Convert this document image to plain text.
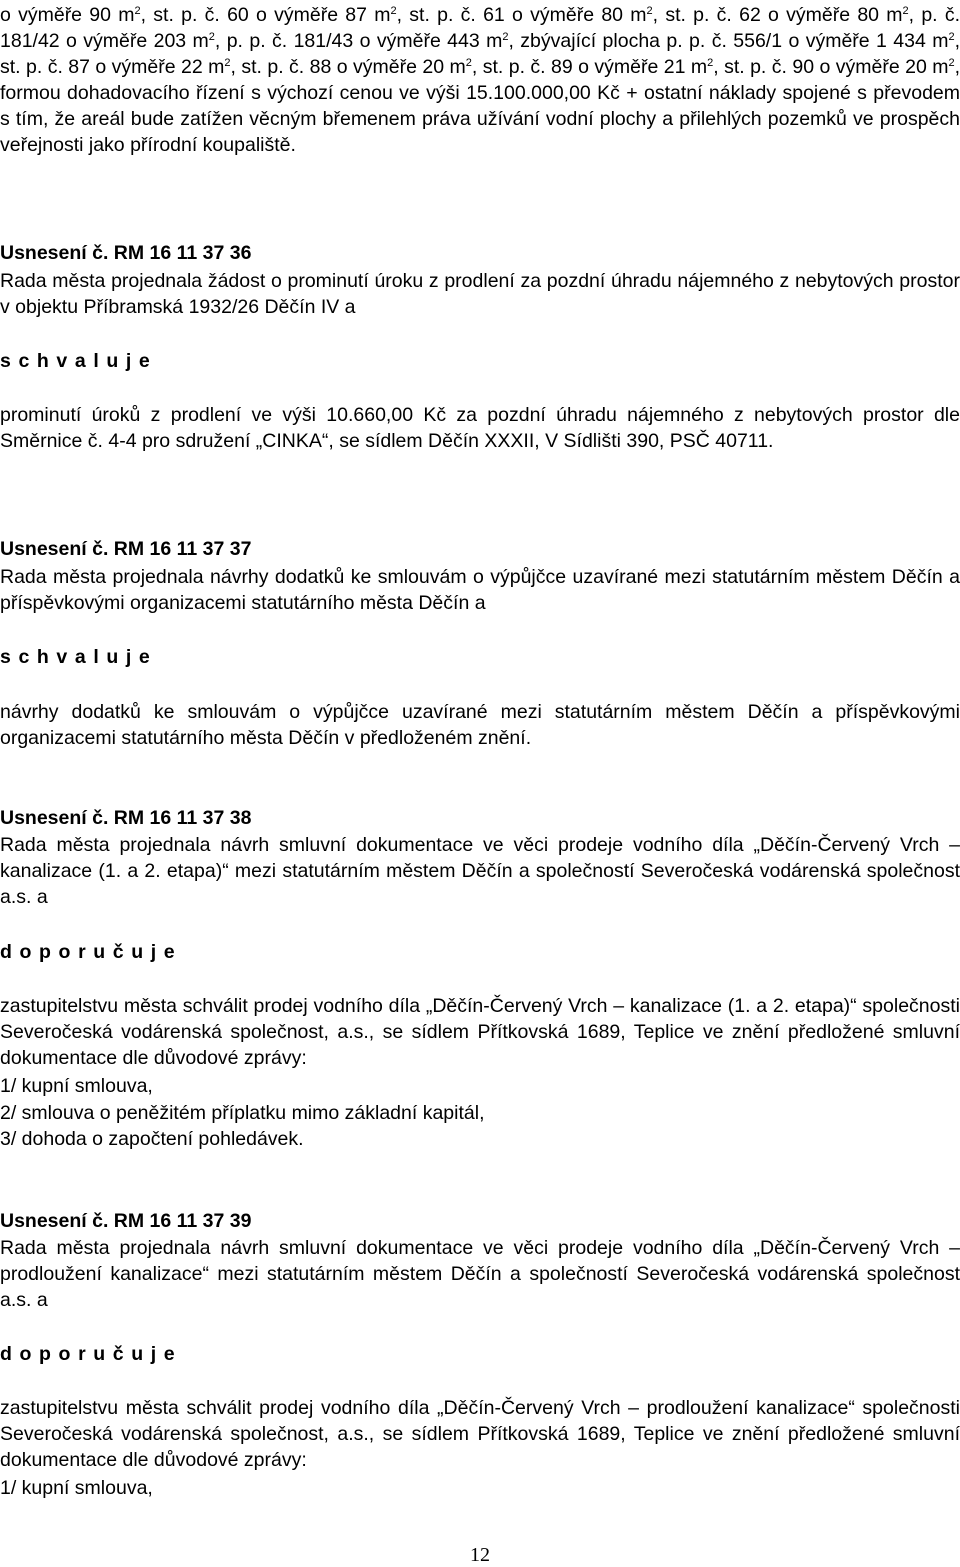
o výměře 90 $m^2$, st. p. č. 60 o výměře 87 $m^2$, st. p. č. 61 o výměře 80 $m^2$, st. p. č. 62 o výměře 80 $m^2$, p. č. 181/42 o výměře 203 $m^2$, p. p. č. 181/43 o výměře 443 $m^2$, zbývající plocha p. p. č. 556/1 o výměře 1 434 $m^2$, st. p. č. 87 o výměře 22 $m^2$, st. p. č. 88 o výměře 20 $m^2$, st. p. č. 89 o výměře 21 $m^2$, st. p. č. 90 o výměře 20 $m^2$, formou dohadovacího řízení s výchozí cenou ve výši 15.100.000,00 Kč + ostatní náklady spojené s převodem s tím, že areál bude zatížen věcným břemenem práva užívání vodní plochy a přilehlých pozemků ve prospěch veřejnosti jako přírodní koupaliště.

Usnesení č. RM 16 11 37 36

Rada města projednala žádost o prominutí úroku z prodlení za pozdní úhradu nájemného z nebytových prostor v objektu Příbramská 1932/26 Děčín IV a

schvaluje

prominutí úroků z prodlení ve výši 10.660,00 Kč za pozdní úhradu nájemného z nebytových prostor dle Směrnice č. 4-4 pro sdružení „CINKA“, se sídlem Děčín XXXII, V Sídlišti 390, PSČ 40711.

Usnesení č. RM 16 11 37 37

Rada města projednala návrhy dodatků ke smlouvám o výpůjčce uzavírané mezi statutárním městem Děčín a příspěvkovými organizacemi statutárního města Děčín a

schvaluje

návrhy dodatků ke smlouvám o výpůjčce uzavírané mezi statutárním městem Děčín a příspěvkovými organizacemi statutárního města Děčín v předloženém znění.

Usnesení č. RM 16 11 37 38

Rada města projednala návrh smluvní dokumentace ve věci prodeje vodního díla „Děčín-Červený Vrch – kanalizace (1. a 2. etapa)“ mezi statutárním městem Děčín a společností Severočeská vodárenská společnost a.s. a

doporučuje

zastupitelstvu města schválit prodej vodního díla „Děčín-Červený Vrch – kanalizace (1. a 2. etapa)“ společnosti Severočeská vodárenská společnost, a.s., se sídlem Přítkovská 1689, Teplice ve znění předložené smluvní dokumentace dle důvodové zprávy:

1/ kupní smlouva,

2/ smlouva o peněžitém příplatku mimo základní kapitál,

3/ dohoda o započtení pohledávek.

Usnesení č. RM 16 11 37 39

Rada města projednala návrh smluvní dokumentace ve věci prodeje vodního díla „Děčín-Červený Vrch – prodloužení kanalizace“ mezi statutárním městem Děčín a společností Severočeská vodárenská společnost a.s. a

doporučuje

zastupitelstvu města schválit prodej vodního díla „Děčín-Červený Vrch – prodloužení kanalizace“ společnosti Severočeská vodárenská společnost, a.s., se sídlem Přítkovská 1689, Teplice ve znění předložené smluvní dokumentace dle důvodové zprávy:

1/ kupní smlouva,

12
